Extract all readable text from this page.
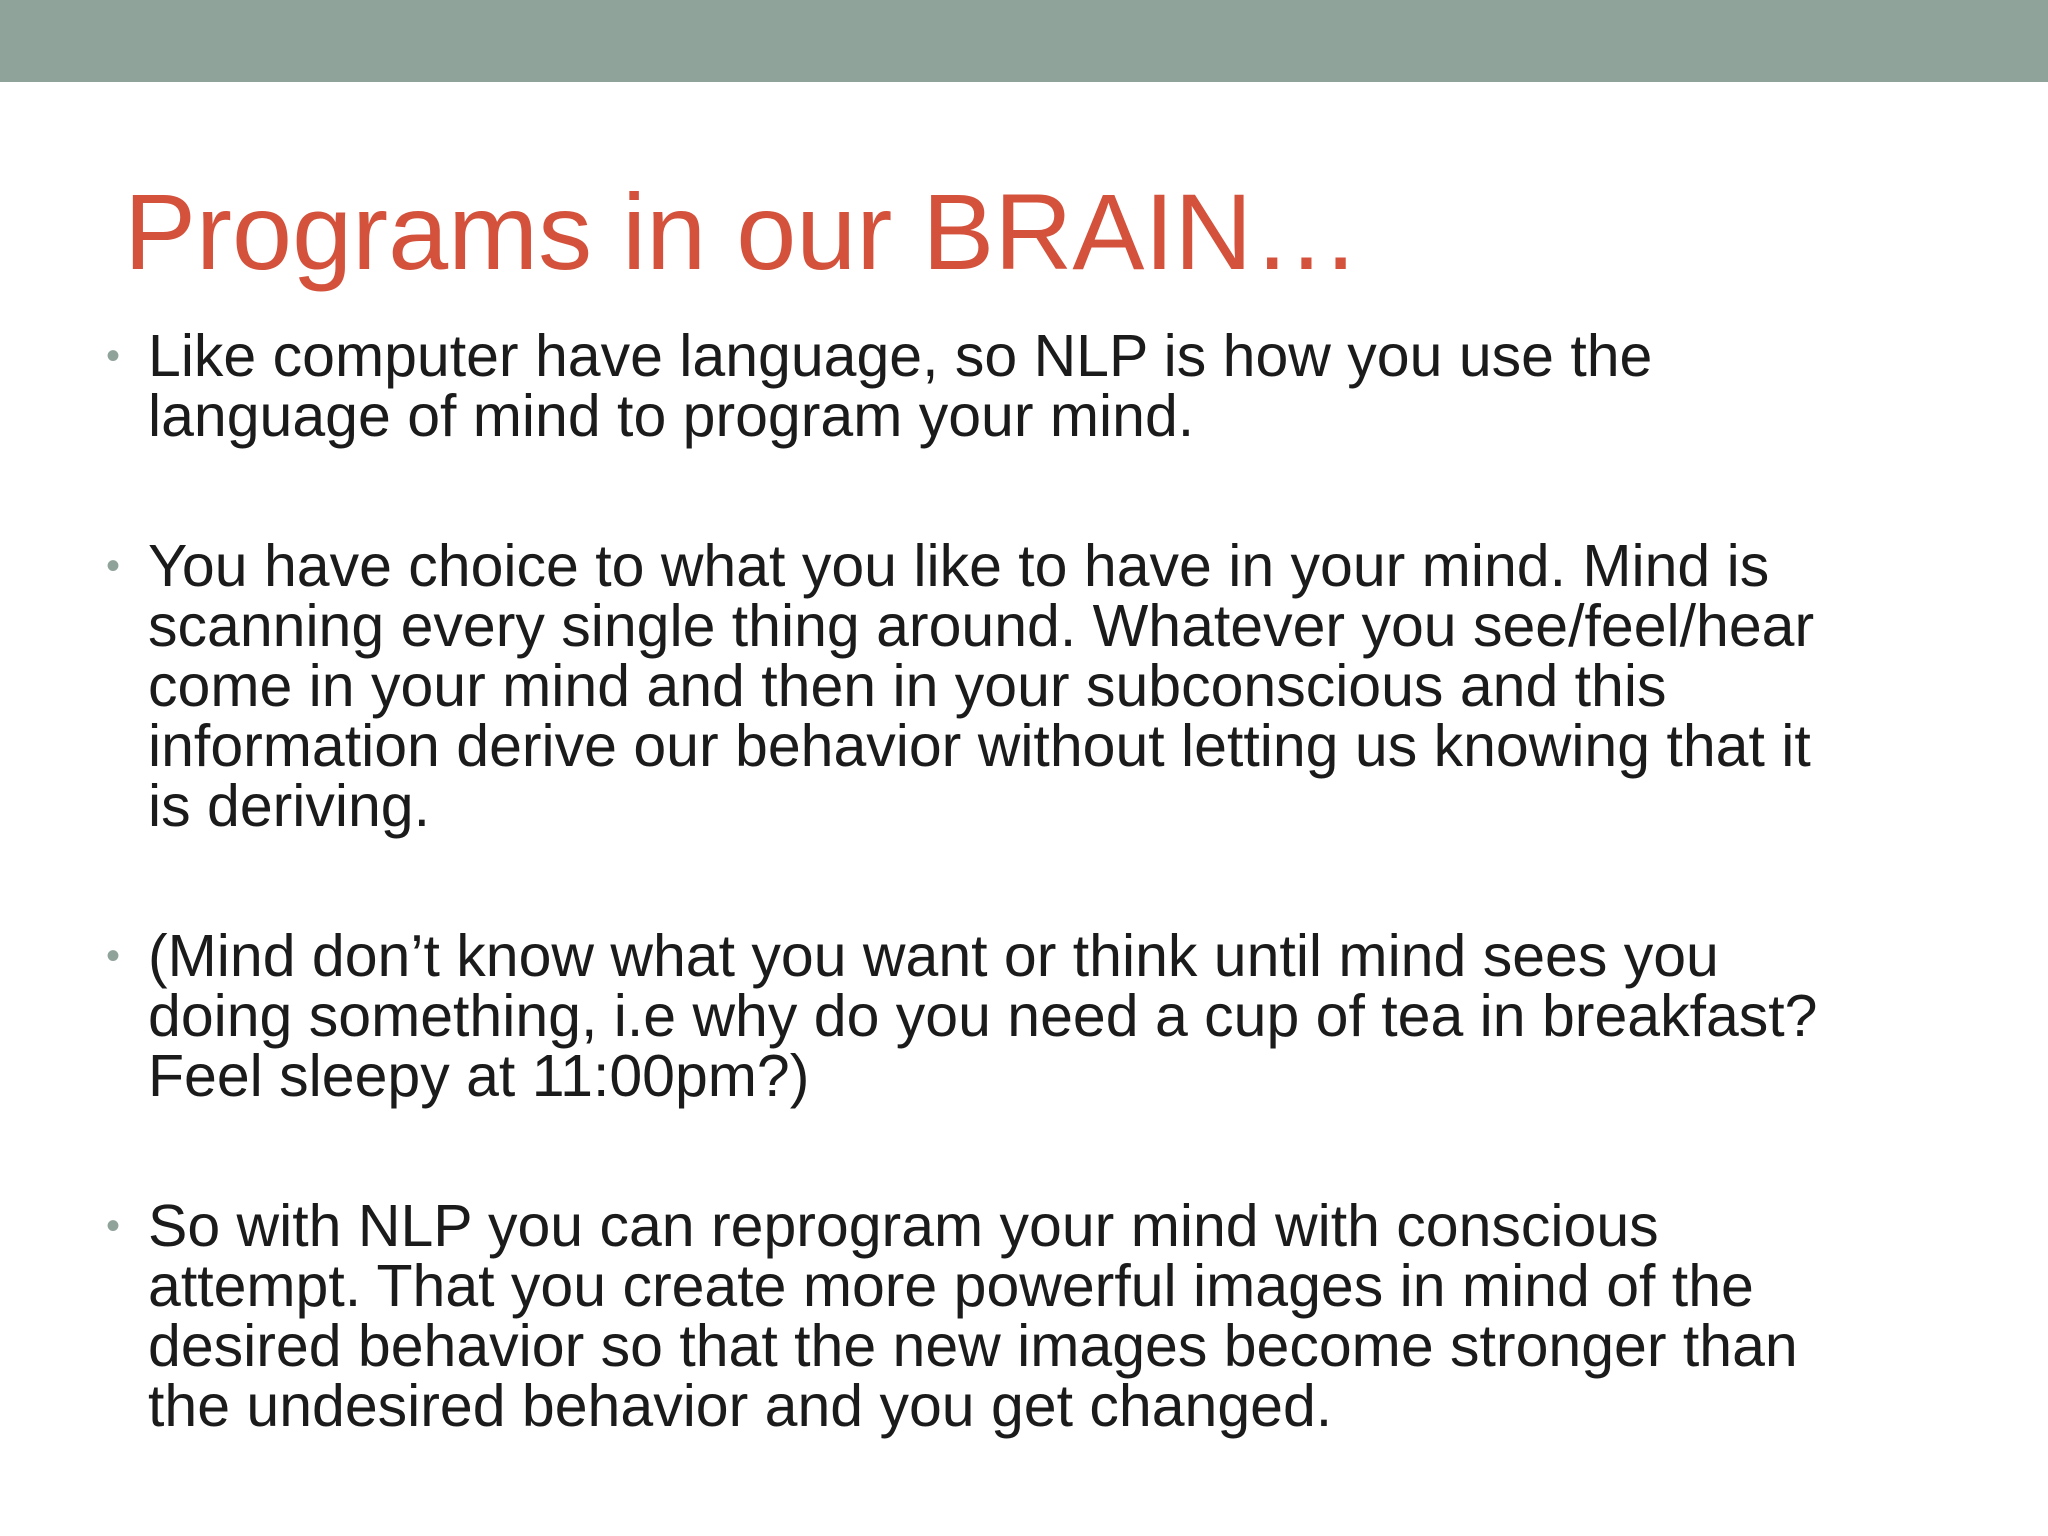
Programs in our BRAIN…
• Like computer have language, so NLP is how you use the
language of mind to program your mind.
• You have choice to what you like to have in your mind. Mind is
scanning every single thing around. Whatever you see/feel/hear
come in your mind and then in your subconscious and this
information derive our behavior without letting us knowing that it
is deriving.
• (Mind don’t know what you want or think until mind sees you
doing something, i.e why do you need a cup of tea in breakfast?
Feel sleepy at 11:00pm?)
• So with NLP you can reprogram your mind with conscious
attempt. That you create more powerful images in mind of the
desired behavior so that the new images become stronger than
the undesired behavior and you get changed.
